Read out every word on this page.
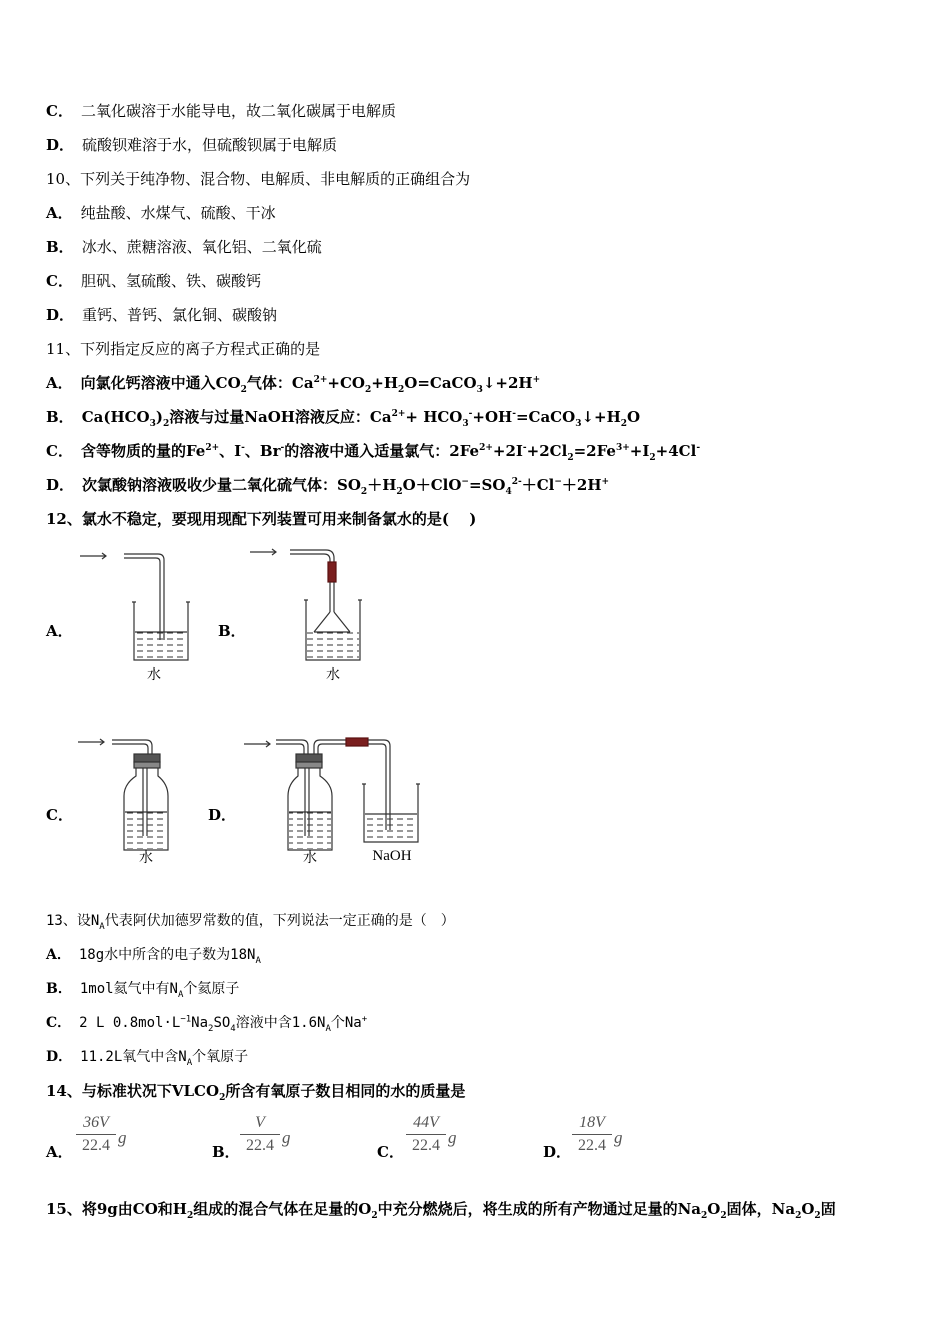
C． 二氧化碳溶于水能导电，故二氧化碳属于电解质
D． 硫酸钡难溶于水，但硫酸钡属于电解质
10、下列关于纯净物、混合物、电解质、非电解质的正确组合为
A． 纯盐酸、水煤气、硫酸、干冰
B． 冰水、蔗糖溶液、氧化铝、二氧化硫
C． 胆矾、氢硫酸、铁、碳酸钙
D． 重钙、普钙、氯化铜、碳酸钠
11、下列指定反应的离子方程式正确的是
A． 向氯化钙溶液中通入$CO_2$气体：$Ca^{2+}+CO_2+H_2O=CaCO_3↓+2H^+$
B． $Ca(HCO_3)_2$溶液与过量NaOH溶液反应：$Ca^{2+}+$ $HCO_3^-+OH^-=CaCO_3↓+H_2O$
C． 含等物质的量的$Fe^{2+}$、I-、Br-的溶液中通入适量氯气：$2Fe^{2+}+2I^-+2Cl_2=2Fe^{3+}+I_2+4Cl^-$
D． 次氯酸钠溶液吸收少量二氧化硫气体：$SO_2+H_2O+ClO^-=SO_4^{2-}+Cl^-+2H^+$
12、氯水不稳定，要现用现配下列装置可用来制备氯水的是(　 )
A．	B．
C．	D．
水	水
水	水	NaOH
13、设$N_A$代表阿伏加德罗常数的值，下列说法一定正确的是（　）
A． 18g水中所含的电子数为$18N_A$
B． 1mol氦气中有$N_A$个氦原子
C． 2 L $0.8mol\cdot L^{-1}Na_2SO_4$溶液中含$1.6N_A$个Na+
D． 11.2L氧气中含$N_A$个氧原子
14、与标准状况下$VLCO_2$所含有氧原子数目相同的水的质量是
A．
36V
22.4 g
B．
V
22.4 g
C．
44V
22.4 g
D．
18V
22.4 g
15、将9g由CO和$H_2$组成的混合气体在足量的$O_2$中充分燃烧后，将生成的所有产物通过足量的$Na_2O_2$固体，$Na_2O_2$固
